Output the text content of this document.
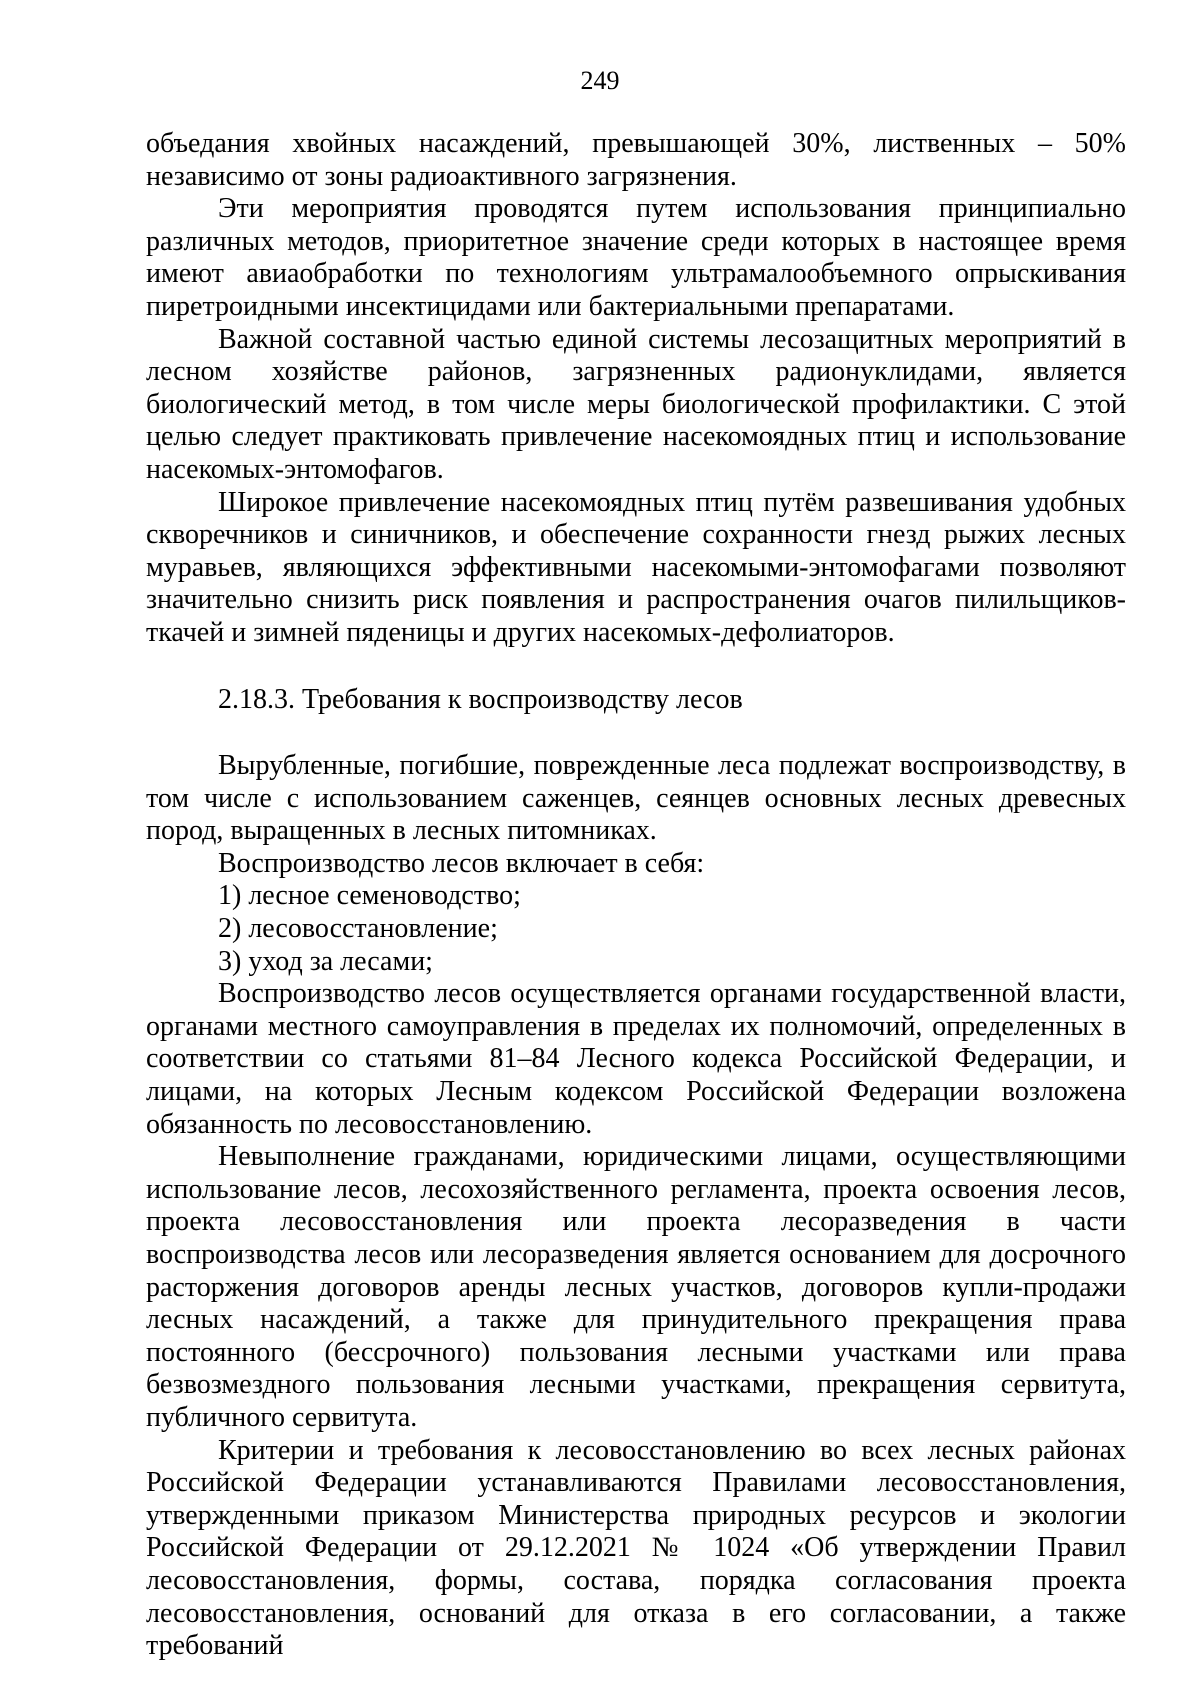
249

объедания хвойных насаждений, превышающей 30%, лиственных – 50% независимо от зоны радиоактивного загрязнения.

Эти мероприятия проводятся путем использования принципиально различных методов, приоритетное значение среди которых в настоящее время имеют авиаобработки по технологиям ультрамалообъемного опрыскивания пиретроидными инсектицидами или бактериальными препаратами.

Важной составной частью единой системы лесозащитных мероприятий в лесном хозяйстве районов, загрязненных радионуклидами, является биологический метод, в том числе меры биологической профилактики. С этой целью следует практиковать привлечение насекомоядных птиц и использование насекомых-энтомофагов.

Широкое привлечение насекомоядных птиц путём развешивания удобных скворечников и синичников, и обеспечение сохранности гнезд рыжих лесных муравьев, являющихся эффективными насекомыми-энтомофагами позволяют значительно снизить риск появления и распространения очагов пилильщиков-ткачей и зимней пяденицы и других насекомых-дефолиаторов.

2.18.3. Требования к воспроизводству лесов

Вырубленные, погибшие, поврежденные леса подлежат воспроизводству, в том числе с использованием саженцев, сеянцев основных лесных древесных пород, выращенных в лесных питомниках.

Воспроизводство лесов включает в себя:

1) лесное семеноводство;

2) лесовосстановлениe;

3) уход за лесами;

Воспроизводство лесов осуществляется органами государственной власти, органами местного самоуправления в пределах их полномочий, определенных в соответствии со статьями 81–84 Лесного кодекса Российской Федерации, и лицами, на которых Лесным кодексом Российской Федерации возложена обязанность по лесовосстановлению.

Невыполнение гражданами, юридическими лицами, осуществляющими использование лесов, лесохозяйственного регламента, проекта освоения лесов, проекта лесовосстановления или проекта лесоразведения в части воспроизводства лесов или лесоразведения является основанием для досрочного расторжения договоров аренды лесных участков, договоров купли-продажи лесных насаждений, а также для принудительного прекращения права постоянного (бессрочного) пользования лесными участками или права безвозмездного пользования лесными участками, прекращения сервитута, публичного сервитута.

Критерии и требования к лесовосстановлению во всех лесных районах Российской Федерации устанавливаются Правилами лесовосстановления, утвержденными приказом Министерства природных ресурсов и экологии Российской Федерации от 29.12.2021 № 1024 «Об утверждении Правил лесовосстановления, формы, состава, порядка согласования проекта лесовосстановления, оснований для отказа в его согласовании, а также требований
